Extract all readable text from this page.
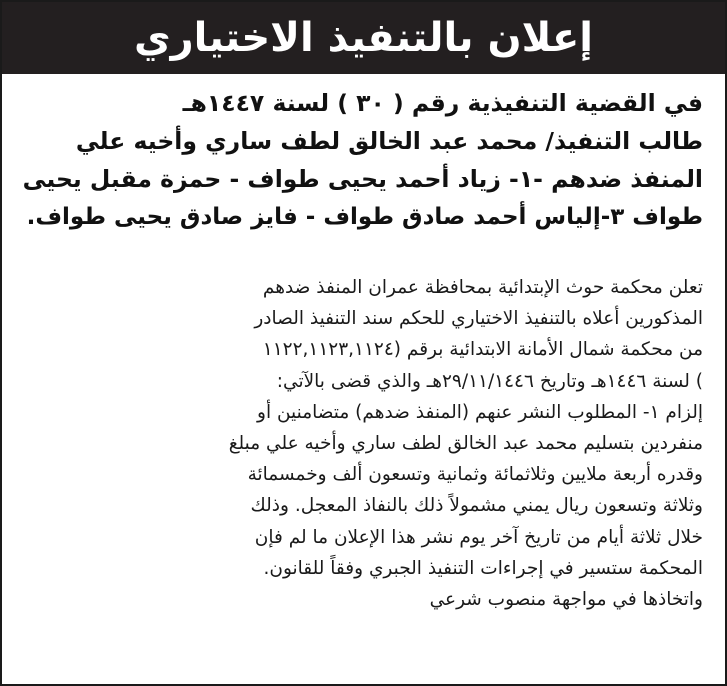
إعلان بالتنفيذ الاختياري
في القضية التنفيذية رقم ( ٣٠ ) لسنة ١٤٤٧هـ
طالب التنفيذ/ محمد عبد الخالق لطف ساري وأخيه علي
المنفذ ضدهم -١- زياد أحمد يحيى طواف - حمزة مقبل يحيى
طواف ٣-إلياس أحمد صادق طواف - فايز صادق يحيى طواف.
تعلن محكمة حوث الإبتدائية بمحافظة عمران المنفذ ضدهم
المذكورين أعلاه بالتنفيذ الاختياري للحكم سند التنفيذ الصادر
من محكمة شمال الأمانة الابتدائية برقم (١١٢٢,١١٢٣,١١٢٤
) لسنة ١٤٤٦هـ وتاريخ ٢٩/١١/١٤٤٦هـ والذي قضى بالآتي:
إلزام ١- المطلوب النشر عنهم (المنفذ ضدهم) متضامنين أو
منفردين بتسليم محمد عبد الخالق لطف ساري وأخيه علي مبلغ
وقدره أربعة ملايين وثلاثمائة وثمانية وتسعون ألف وخمسمائة
وثلاثة وتسعون ريال يمني مشمولاً ذلك بالنفاذ المعجل. وذلك
خلال ثلاثة أيام من تاريخ آخر يوم نشر هذا الإعلان ما لم فإن
المحكمة ستسير في إجراءات التنفيذ الجبري وفقاً للقانون.
واتخاذها في مواجهة منصوب شرعي
